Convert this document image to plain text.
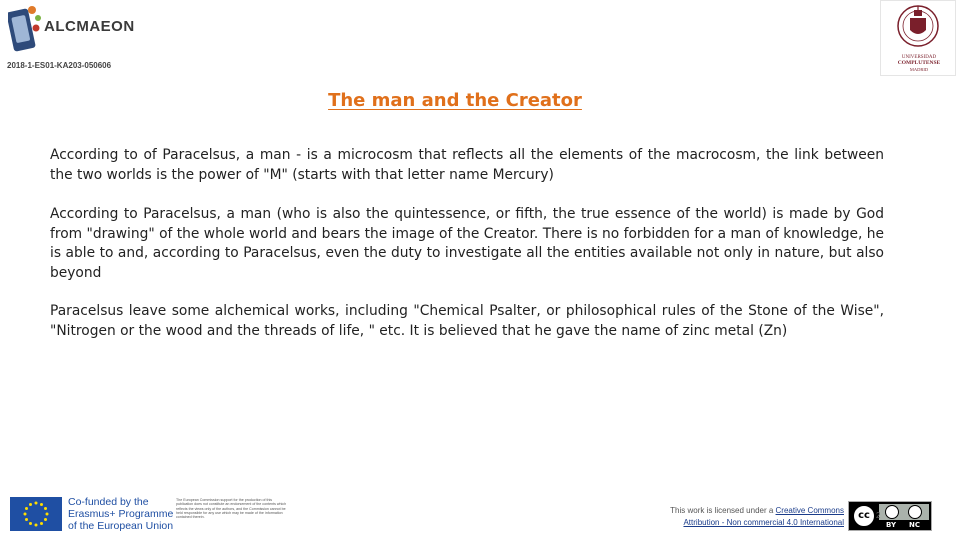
ALCMAEON
2018-1-ES01-KA203-050606
UNIVERSIDAD
COMPLUTENSE
MADRID
The man and the Creator

According to of Paracelsus, a man - is a microcosm that reflects all the elements of the macrocosm, the link between the two worlds is the power of "M" (starts with that letter name Mercury)

According to Paracelsus, a man (who is also the quintessence, or fifth, the true essence of the world) is made by God from "drawing" of the whole world and bears the image of the Creator. There is no forbidden for a man of knowledge, he is able to and, according to Paracelsus, even the duty to investigate all the entities available not only in nature, but also beyond

Paracelsus leave some alchemical works, including "Chemical Psalter, or philosophical rules of the Stone of the Wise", "Nitrogen or the wood and the threads of life, " etc. It is believed that he gave the name of zinc metal (Zn)

Co-funded by the
Erasmus+ Programme
of the European Union
The European Commission support for the production of this publication does not constitute an endorsement of the contents which reflects the views only of the authors, and the Commission cannot be held responsible for any use which may be made of the information contained therein.
This work is licensed under a Creative Commons
Attribution - Non commercial 4.0 International
cc
BY NC
2
